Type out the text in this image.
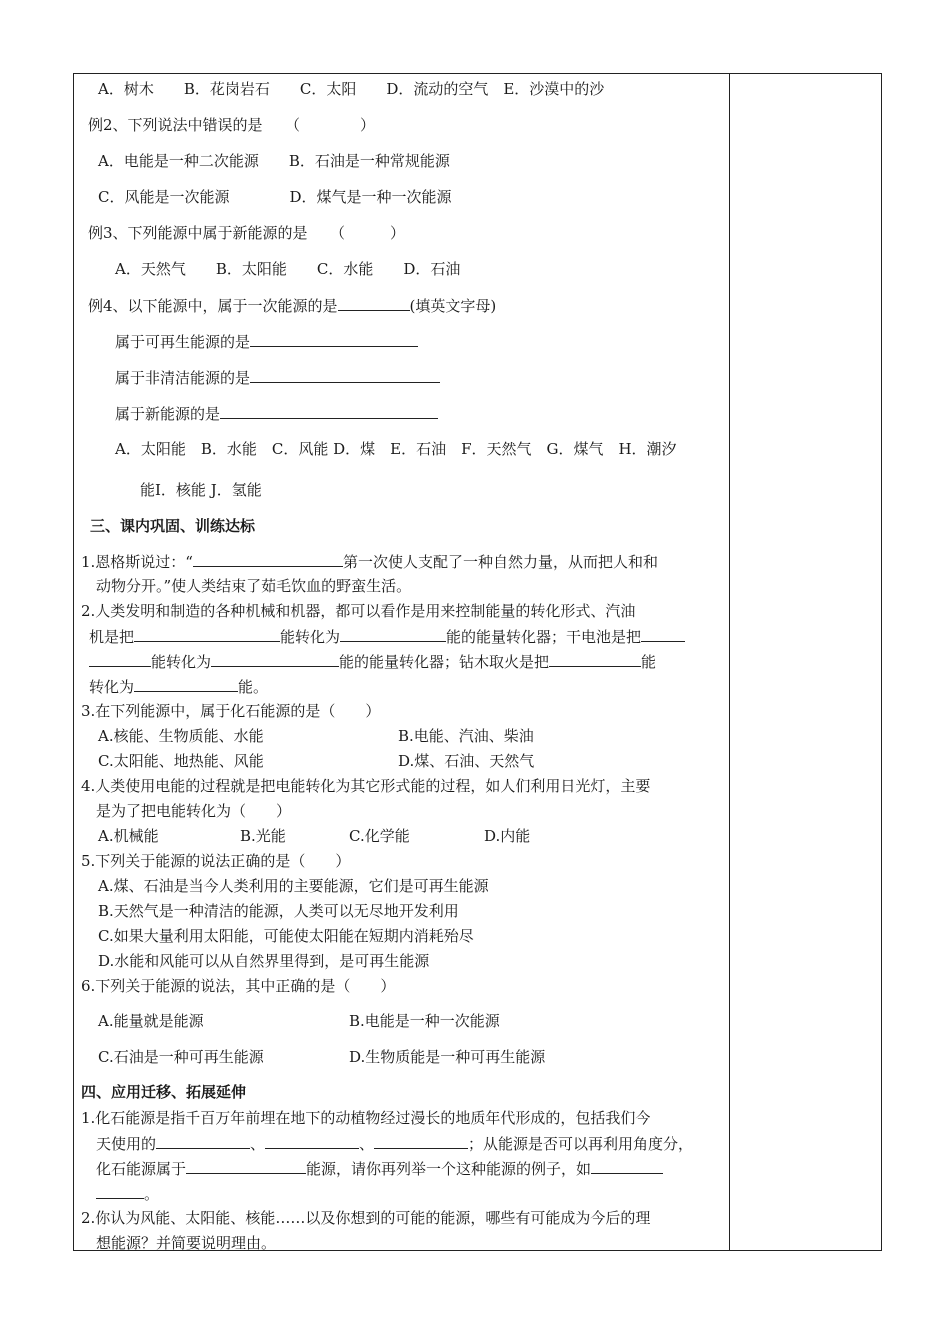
A．树木　　B．花岗岩石　　C．太阳　　D．流动的空气　E．沙漠中的沙
例2、下列说法中错误的是　　（　　　　）
A．电能是一种二次能源　　B．石油是一种常规能源
C．风能是一次能源　　　　D．煤气是一种一次能源
例3、下列能源中属于新能源的是　　（　　　）
A．天然气　　B．太阳能　　C．水能　　D．石油
例4、以下能源中，属于一次能源的是	(填英文字母)
属于可再生能源的是
属于非清洁能源的是
属于新能源的是
A．太阳能　B．水能　C．风能 D．煤　E．石油　F．天然气　G．煤气　H．潮汐
能I．核能 J．氢能
三、课内巩固、训练达标
1.恩格斯说过：“	第一次使人支配了一种自然力量，从而把人和和
动物分开。”使人类结束了茹毛饮血的野蛮生活。
2.人类发明和制造的各种机械和机器，都可以看作是用来控制能量的转化形式、汽油
机是把	能转化为	能的能量转化器；干电池是把
能转化为	能的能量转化器；钻木取火是把	能
转化为	能。
3.在下列能源中，属于化石能源的是（　　）
A.核能、生物质能、水能	B.电能、汽油、柴油
C.太阳能、地热能、风能	D.煤、石油、天然气
4.人类使用电能的过程就是把电能转化为其它形式能的过程，如人们利用日光灯，主要
是为了把电能转化为（　　）
A.机械能	B.光能	C.化学能	D.内能
5.下列关于能源的说法正确的是（　　）
A.煤、石油是当今人类利用的主要能源，它们是可再生能源
B.天然气是一种清洁的能源，人类可以无尽地开发利用
C.如果大量利用太阳能，可能使太阳能在短期内消耗殆尽
D.水能和风能可以从自然界里得到，是可再生能源
6.下列关于能源的说法，其中正确的是（　　）
A.能量就是能源	B.电能是一种一次能源
C.石油是一种可再生能源	D.生物质能是一种可再生能源
四、应用迁移、拓展延伸
1.化石能源是指千百万年前埋在地下的动植物经过漫长的地质年代形成的，包括我们今
天使用的	、	、	；从能源是否可以再利用角度分，
化石能源属于	能源，请你再列举一个这种能源的例子，如
。
2.你认为风能、太阳能、核能……以及你想到的可能的能源，哪些有可能成为今后的理
想能源？并简要说明理由。
